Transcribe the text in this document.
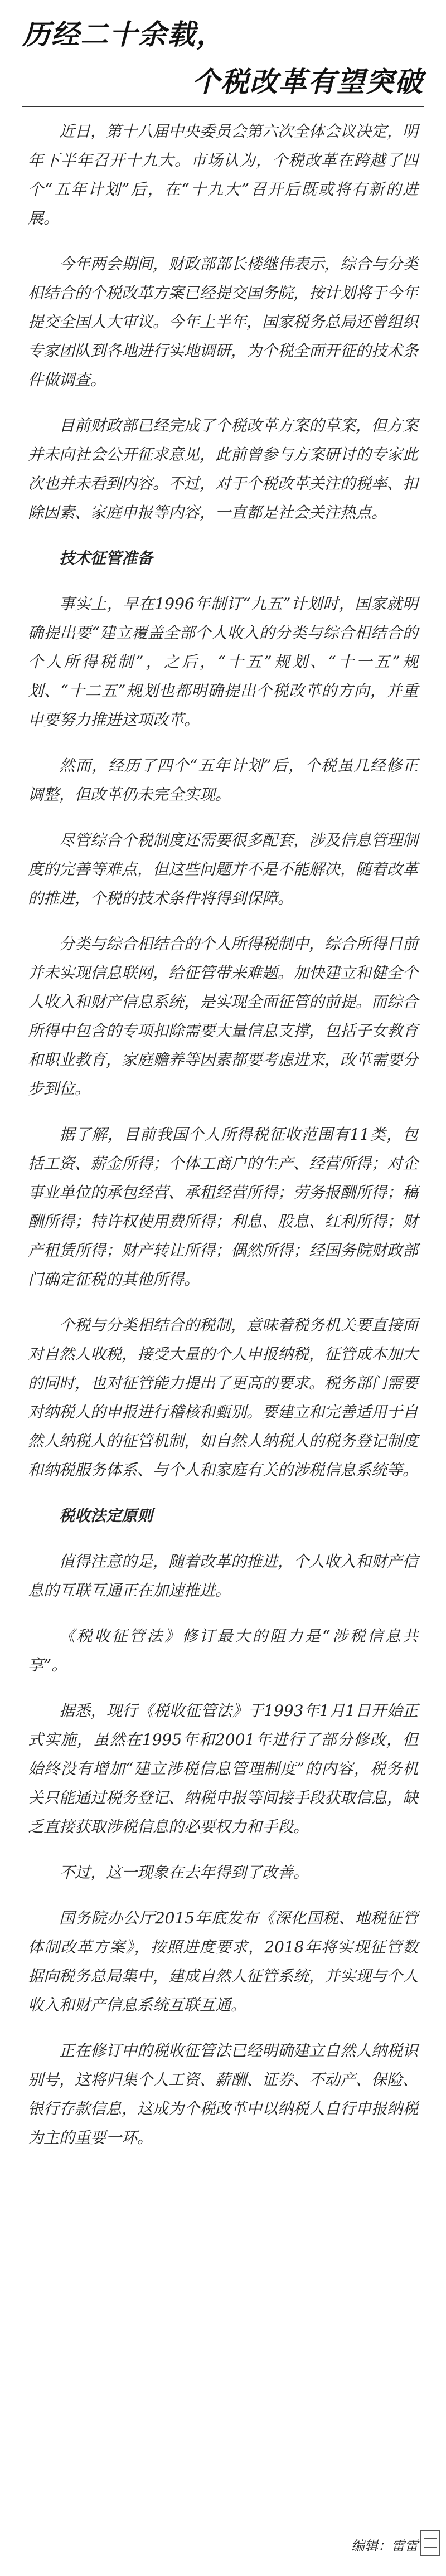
历经二十余载，
个税改革有望突破

近日，第十八届中央委员会第六次全体会议决定，明年下半年召开十九大。市场认为，个税改革在跨越了四个“五年计划”后，在“十九大”召开后既或将有新的进展。

今年两会期间，财政部部长楼继伟表示，综合与分类相结合的个税改革方案已经提交国务院，按计划将于今年提交全国人大审议。今年上半年，国家税务总局还曾组织专家团队到各地进行实地调研，为个税全面开征的技术条件做调查。

目前财政部已经完成了个税改革方案的草案，但方案并未向社会公开征求意见，此前曾参与方案研讨的专家此次也并未看到内容。不过，对于个税改革关注的税率、扣除因素、家庭申报等内容，一直都是社会关注热点。

技术征管准备

事实上，早在1996年制订“九五”计划时，国家就明确提出要“建立覆盖全部个人收入的分类与综合相结合的个人所得税制”，之后，“十五”规划、“十一五”规划、“十二五”规划也都明确提出个税改革的方向，并重申要努力推进这项改革。

然而，经历了四个“五年计划”后，个税虽几经修正调整，但改革仍未完全实现。

尽管综合个税制度还需要很多配套，涉及信息管理制度的完善等难点，但这些问题并不是不能解决，随着改革的推进，个税的技术条件将得到保障。

分类与综合相结合的个人所得税制中，综合所得目前并未实现信息联网，给征管带来难题。加快建立和健全个人收入和财产信息系统，是实现全面征管的前提。而综合所得中包含的专项扣除需要大量信息支撑，包括子女教育和职业教育，家庭赡养等因素都要考虑进来，改革需要分步到位。

据了解，目前我国个人所得税征收范围有11类，包括工资、薪金所得；个体工商户的生产、经营所得；对企事业单位的承包经营、承租经营所得；劳务报酬所得；稿酬所得；特许权使用费所得；利息、股息、红利所得；财产租赁所得；财产转让所得；偶然所得；经国务院财政部门确定征税的其他所得。

个税与分类相结合的税制，意味着税务机关要直接面对自然人收税，接受大量的个人申报纳税，征管成本加大的同时，也对征管能力提出了更高的要求。税务部门需要对纳税人的申报进行稽核和甄别。要建立和完善适用于自然人纳税人的征管机制，如自然人纳税人的税务登记制度和纳税服务体系、与个人和家庭有关的涉税信息系统等。

税收法定原则

值得注意的是，随着改革的推进，个人收入和财产信息的互联互通正在加速推进。

《税收征管法》修订最大的阻力是“涉税信息共享”。

据悉，现行《税收征管法》于1993年1月1日开始正式实施，虽然在1995年和2001年进行了部分修改，但始终没有增加“建立涉税信息管理制度”的内容，税务机关只能通过税务登记、纳税申报等间接手段获取信息，缺乏直接获取涉税信息的必要权力和手段。

不过，这一现象在去年得到了改善。

国务院办公厅2015年底发布《深化国税、地税征管体制改革方案》，按照进度要求，2018年将实现征管数据向税务总局集中，建成自然人征管系统，并实现与个人收入和财产信息系统互联互通。

正在修订中的税收征管法已经明确建立自然人纳税识别号，这将归集个人工资、薪酬、证券、不动产、保险、银行存款信息，这成为个税改革中以纳税人自行申报纳税为主的重要一环。

编辑：雷雷
